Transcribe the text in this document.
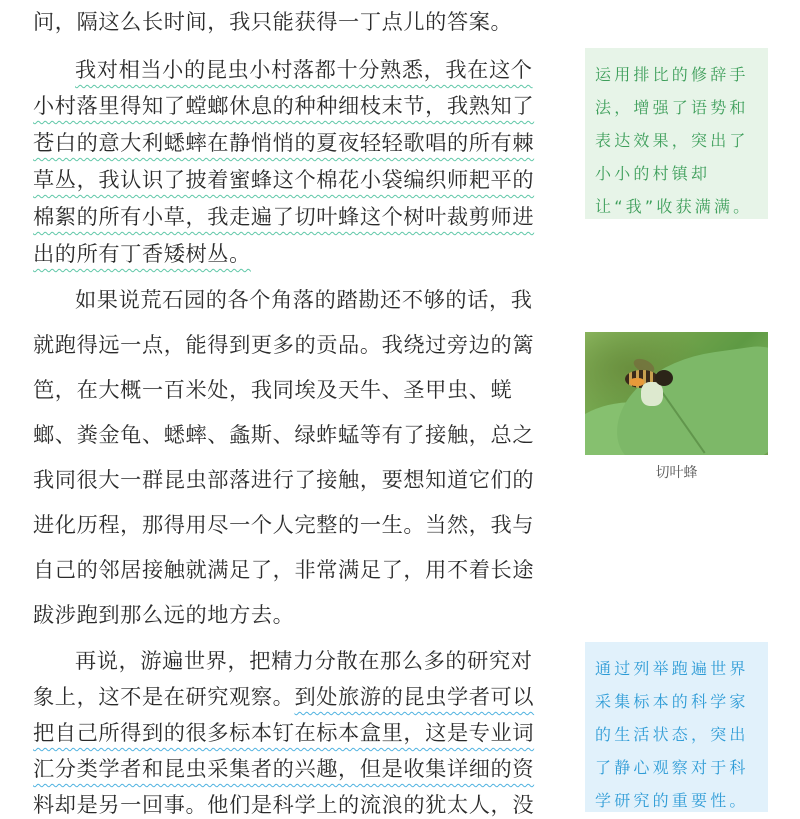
问，隔这么长时间，我只能获得一丁点儿的答案。
我对相当小的昆虫小村落都十分熟悉，我在这个
小村落里得知了螳螂休息的种种细枝末节，我熟知了
苍白的意大利蟋蟀在静悄悄的夏夜轻轻歌唱的所有棘
草丛，我认识了披着蜜蜂这个棉花小袋编织师耙平的
棉絮的所有小草，我走遍了切叶蜂这个树叶裁剪师进
出的所有丁香矮树丛。
如果说荒石园的各个角落的踏勘还不够的话，我
就跑得远一点，能得到更多的贡品。我绕过旁边的篱
笆，在大概一百米处，我同埃及天牛、圣甲虫、蜣
螂、粪金龟、蟋蟀、螽斯、绿蚱蜢等有了接触，总之
我同很大一群昆虫部落进行了接触，要想知道它们的
进化历程，那得用尽一个人完整的一生。当然，我与
自己的邻居接触就满足了，非常满足了，用不着长途
跋涉跑到那么远的地方去。
再说，游遍世界，把精力分散在那么多的研究对
象上，这不是在研究观察。到处旅游的昆虫学者可以
把自己所得到的很多标本钉在标本盒里，这是专业词
汇分类学者和昆虫采集者的兴趣，但是收集详细的资
料却是另一回事。他们是科学上的流浪的犹太人，没
运用排比的修辞手法，增强了语势和表达效果，突出了小小的村镇却让“我”收获满满。
切叶蜂
通过列举跑遍世界采集标本的科学家的生活状态，突出了静心观察对于科学研究的重要性。
